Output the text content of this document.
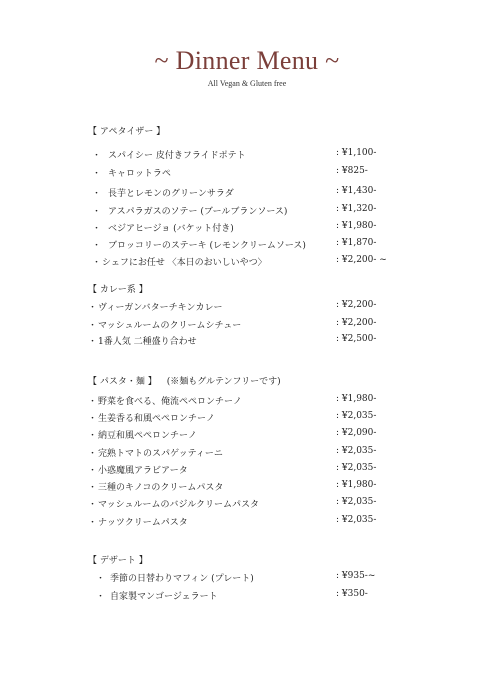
~ Dinner Menu ~
All Vegan & Gluten free
【 アペタイザー 】
・ スパイシー 皮付きフライドポテト	: ¥1,100-
・ キャロットラペ	: ¥825-
・ 長芋とレモンのグリーンサラダ	: ¥1,430-
・ アスパラガスのソテー (ブールブランソース)	: ¥1,320-
・ ベジアヒージョ (バケット付き)	: ¥1,980-
・ ブロッコリーのステーキ (レモンクリームソース)	: ¥1,870-
・ シェフにお任せ 〈本日のおいしいやつ〉	: ¥2,200- ~
【 カレー系 】
・ ヴィーガンバターチキンカレー	: ¥2,200-
・ マッシュルームのクリームシチュー	: ¥2,200-
・ 1番人気 二種盛り合わせ	: ¥2,500-
【 パスタ・麺 】 (※麺もグルテンフリーです)
・ 野菜を食べる、俺流ペペロンチーノ	: ¥1,980-
・ 生姜香る和風ペペロンチーノ	: ¥2,035-
・ 納豆和風ペペロンチーノ	: ¥2,090-
・ 完熟トマトのスパゲッティーニ	: ¥2,035-
・ 小惑魔風アラビアータ	: ¥2,035-
・ 三種のキノコのクリームパスタ	: ¥1,980-
・ マッシュルームのバジルクリームパスタ	: ¥2,035-
・ ナッツクリームパスタ	: ¥2,035-
【 デザート 】
・ 季節の日替わりマフィン (プレート)	: ¥935-~
・ 自家製マンゴージェラート	: ¥350-
